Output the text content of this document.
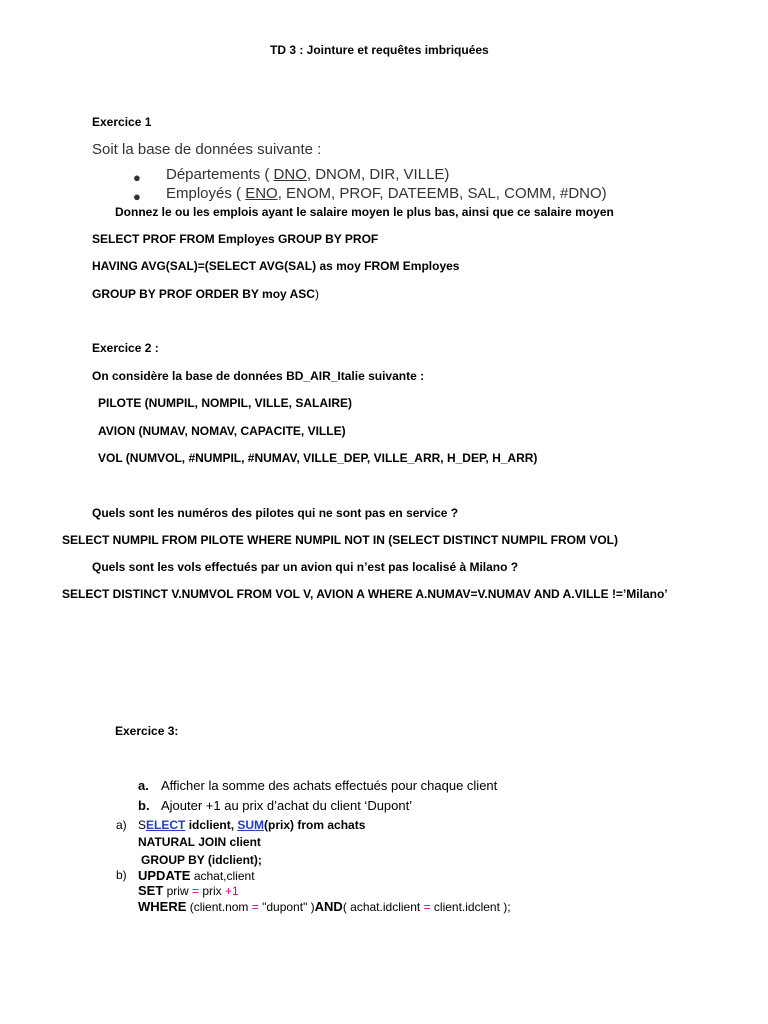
TD 3 : Jointure et requêtes imbriquées

Exercice 1

Soit la base de données suivante :

● Départements ( DNO, DNOM, DIR, VILLE)

● Employés ( ENO, ENOM, PROF, DATEEMB, SAL, COMM, #DNO)

Donnez le ou les emplois ayant le salaire moyen le plus bas, ainsi que ce salaire moyen

SELECT PROF FROM Employes GROUP BY PROF

HAVING AVG(SAL)=(SELECT AVG(SAL) as moy FROM Employes

GROUP BY PROF ORDER BY moy ASC)

Exercice 2 :

On considère la base de données BD_AIR_Italie suivante :

PILOTE (NUMPIL, NOMPIL, VILLE, SALAIRE)

AVION (NUMAV, NOMAV, CAPACITE, VILLE)

VOL (NUMVOL, #NUMPIL, #NUMAV, VILLE_DEP, VILLE_ARR, H_DEP, H_ARR)

Quels sont les numéros des pilotes qui ne sont pas en service ?

SELECT NUMPIL FROM PILOTE WHERE NUMPIL NOT IN (SELECT DISTINCT NUMPIL FROM VOL)

Quels sont les vols effectués par un avion qui n’est pas localisé à Milano ?

SELECT DISTINCT V.NUMVOL FROM VOL V, AVION A WHERE A.NUMAV=V.NUMAV AND A.VILLE !=’Milano’

Exercice 3:

a. Afficher la somme des achats effectués pour chaque client

b. Ajouter +1 au prix d’achat du client ‘Dupont’

a) SELECT idclient, SUM(prix) from achats

NATURAL JOIN client

GROUP BY (idclient);

b) UPDATE achat,client

SET priw = prix +1

WHERE (client.nom = "dupont" )AND( achat.idclient = client.idclent );
